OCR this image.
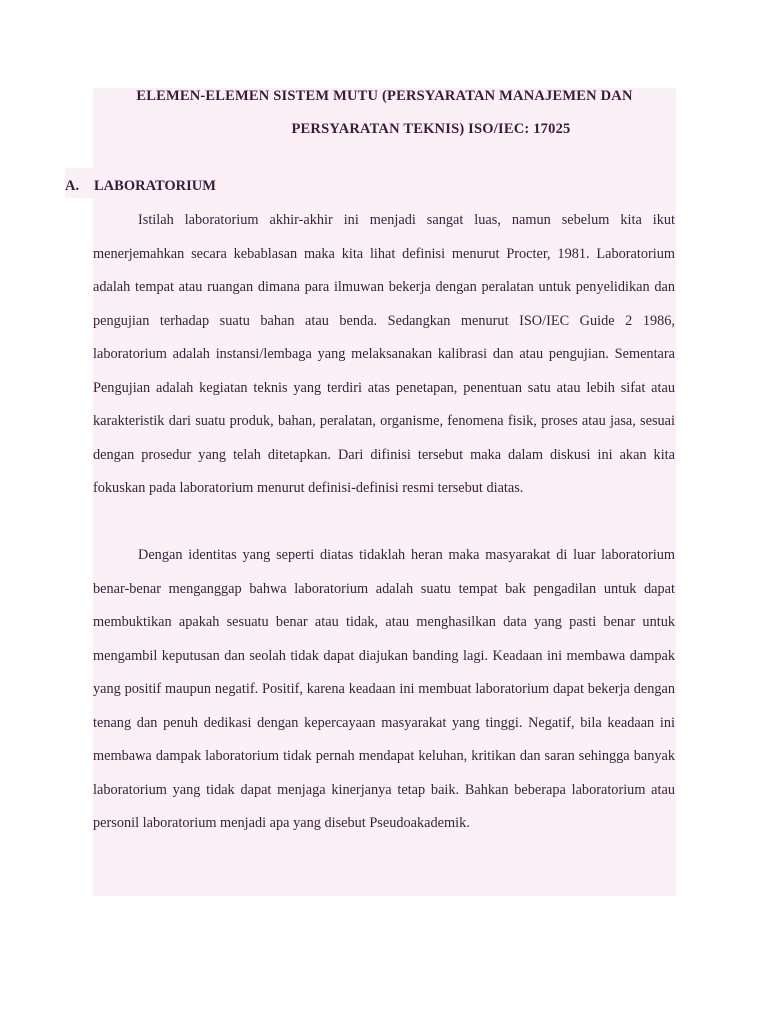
ELEMEN-ELEMEN SISTEM MUTU (PERSYARATAN MANAJEMEN DAN
PERSYARATAN TEKNIS) ISO/IEC: 17025
A. LABORATORIUM

Istilah laboratorium akhir-akhir ini menjadi sangat luas, namun sebelum kita ikut menerjemahkan secara kebablasan maka kita lihat definisi menurut Procter, 1981. Laboratorium adalah tempat atau ruangan dimana para ilmuwan bekerja dengan peralatan untuk penyelidikan dan pengujian terhadap suatu bahan atau benda. Sedangkan menurut ISO/IEC Guide 2 1986, laboratorium adalah instansi/lembaga yang melaksanakan kalibrasi dan atau pengujian. Sementara Pengujian adalah kegiatan teknis yang terdiri atas penetapan, penentuan satu atau lebih sifat atau karakteristik dari suatu produk, bahan, peralatan, organisme, fenomena fisik, proses atau jasa, sesuai dengan prosedur yang telah ditetapkan. Dari difinisi tersebut maka dalam diskusi ini akan kita fokuskan pada laboratorium menurut definisi-definisi resmi tersebut diatas.

Dengan identitas yang seperti diatas tidaklah heran maka masyarakat di luar laboratorium benar-benar menganggap bahwa laboratorium adalah suatu tempat bak pengadilan untuk dapat membuktikan apakah sesuatu benar atau tidak, atau menghasilkan data yang pasti benar untuk mengambil keputusan dan seolah tidak dapat diajukan banding lagi. Keadaan ini membawa dampak yang positif maupun negatif. Positif, karena keadaan ini membuat laboratorium dapat bekerja dengan tenang dan penuh dedikasi dengan kepercayaan masyarakat yang tinggi. Negatif, bila keadaan ini membawa dampak laboratorium tidak pernah mendapat keluhan, kritikan dan saran sehingga banyak laboratorium yang tidak dapat menjaga kinerjanya tetap baik. Bahkan beberapa laboratorium atau personil laboratorium menjadi apa yang disebut Pseudoakademik.
